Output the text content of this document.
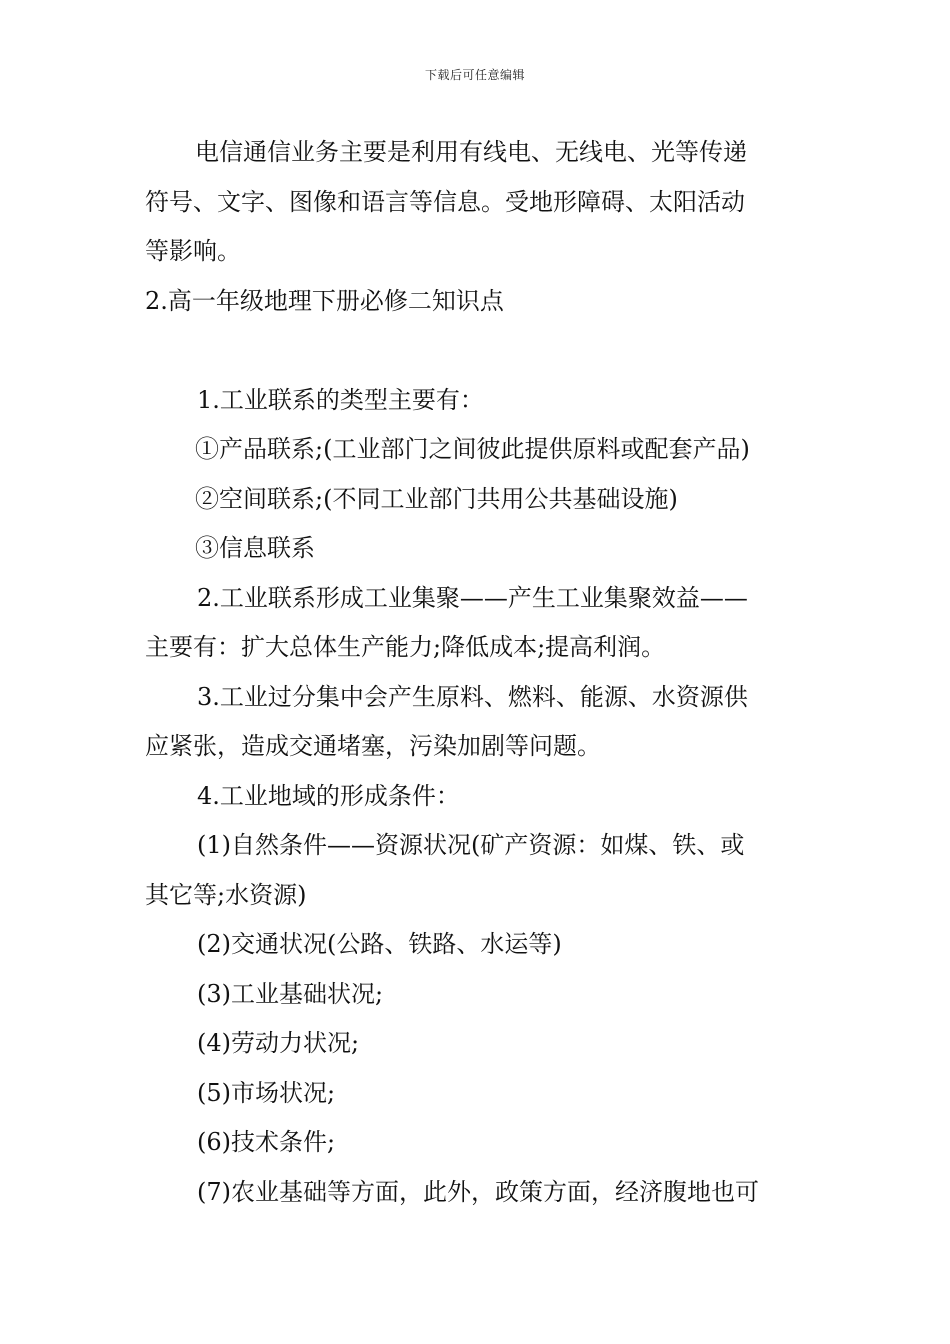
下载后可任意编辑
电信通信业务主要是利用有线电、无线电、光等传递
符号、文字、图像和语言等信息。受地形障碍、太阳活动
等影响。
2.高一年级地理下册必修二知识点
1.工业联系的类型主要有：
①产品联系;(工业部门之间彼此提供原料或配套产品)
②空间联系;(不同工业部门共用公共基础设施)
③信息联系
2.工业联系形成工业集聚——产生工业集聚效益——
主要有：扩大总体生产能力;降低成本;提高利润。
3.工业过分集中会产生原料、燃料、能源、水资源供
应紧张，造成交通堵塞，污染加剧等问题。
4.工业地域的形成条件：
(1)自然条件——资源状况(矿产资源：如煤、铁、或
其它等;水资源)
(2)交通状况(公路、铁路、水运等)
(3)工业基础状况;
(4)劳动力状况;
(5)市场状况;
(6)技术条件;
(7)农业基础等方面，此外，政策方面，经济腹地也可
